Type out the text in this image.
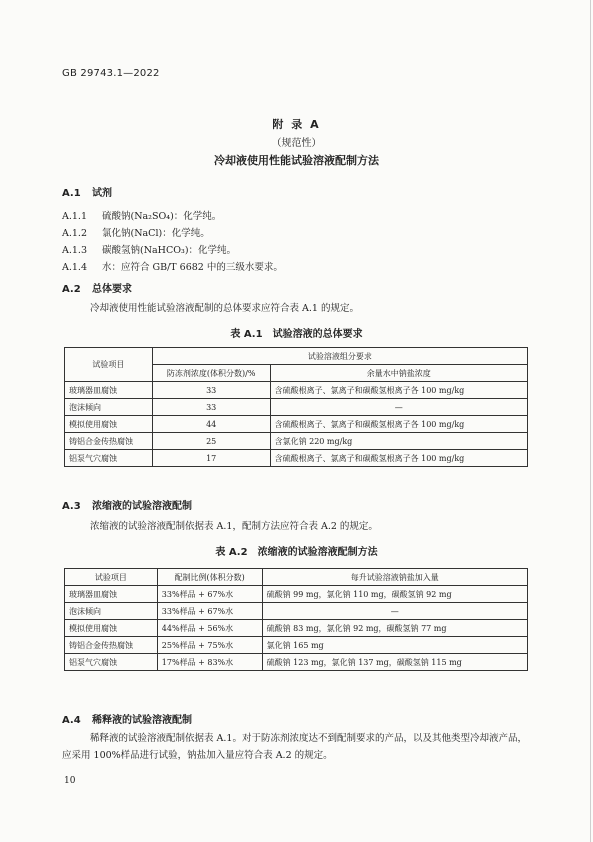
GB 29743.1—2022
附 录 A
（规范性）
冷却液使用性能试验溶液配制方法
A.1 试剂
A.1.1 硫酸钠(Na₂SO₄)：化学纯。
A.1.2 氯化钠(NaCl)：化学纯。
A.1.3 碳酸氢钠(NaHCO₃)：化学纯。
A.1.4 水：应符合 GB/T 6682 中的三级水要求。
A.2 总体要求
冷却液使用性能试验溶液配制的总体要求应符合表 A.1 的规定。
表 A.1　试验溶液的总体要求
试验项目	试验溶液组分要求	
	防冻剂浓度(体积分数)/%	余量水中钠盐浓度
玻璃器皿腐蚀	33	含硫酸根离子、氯离子和碳酸氢根离子各 100 mg/kg
泡沫倾向	33	—
模拟使用腐蚀	44	含硫酸根离子、氯离子和碳酸氢根离子各 100 mg/kg
铸铝合金传热腐蚀	25	含氯化钠 220 mg/kg
铝泵气穴腐蚀	17	含硫酸根离子、氯离子和碳酸氢根离子各 100 mg/kg
A.3 浓缩液的试验溶液配制
浓缩液的试验溶液配制依据表 A.1，配制方法应符合表 A.2 的规定。
表 A.2　浓缩液的试验溶液配制方法
试验项目	配制比例(体积分数)	每升试验溶液钠盐加入量
玻璃器皿腐蚀	33%样品 + 67%水	硫酸钠 99 mg，氯化钠 110 mg，碳酸氢钠 92 mg
泡沫倾向	33%样品 + 67%水	—
模拟使用腐蚀	44%样品 + 56%水	硫酸钠 83 mg，氯化钠 92 mg，碳酸氢钠 77 mg
铸铝合金传热腐蚀	25%样品 + 75%水	氯化钠 165 mg
铝泵气穴腐蚀	17%样品 + 83%水	硫酸钠 123 mg，氯化钠 137 mg，碳酸氢钠 115 mg
A.4 稀释液的试验溶液配制
稀释液的试验溶液配制依据表 A.1。对于防冻剂浓度达不到配制要求的产品，以及其他类型冷却液产品，应采用 100%样品进行试验，钠盐加入量应符合表 A.2 的规定。
10
